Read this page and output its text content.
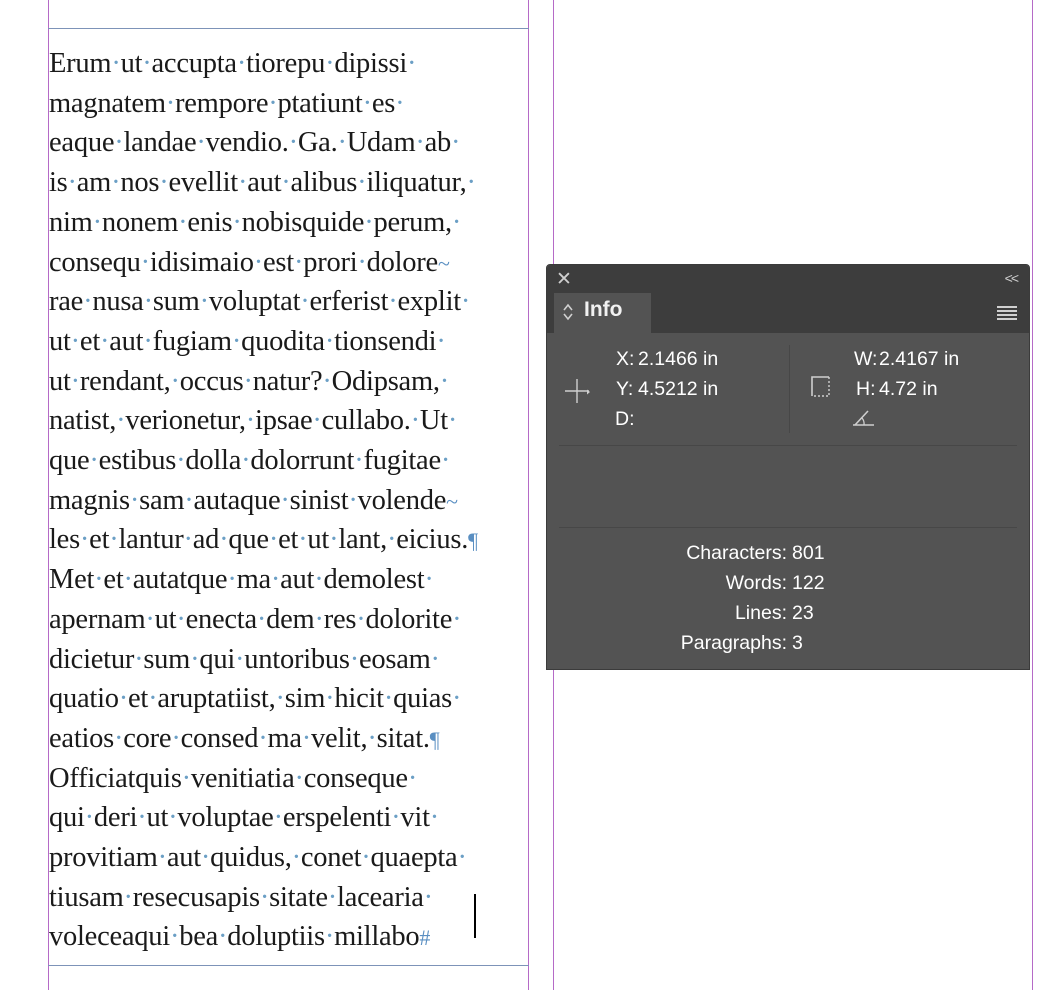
Erum·ut·accupta·tiorepu·dipissi·
magnatem·rempore·ptatiunt·es·
eaque·landae·vendio.·Ga.·Udam·ab·
is·am·nos·evellit·aut·alibus·iliquatur,·
nim·nonem·enis·nobisquide·perum,·
consequ·idisimaio·est·prori·dolore~
rae·nusa·sum·voluptat·erferist·explit·
ut·et·aut·fugiam·quodita·tionsendi·
ut·rendant,·occus·natur?·Odipsam,·
natist,·verionetur,·ipsae·cullabo.·Ut·
que·estibus·dolla·dolorrunt·fugitae·
magnis·sam·autaque·sinist·volende~
les·et·lantur·ad·que·et·ut·lant,·eicius.¶
Met·et·autatque·ma·aut·demolest·
apernam·ut·enecta·dem·res·dolorite·
dicietur·sum·qui·untoribus·eosam·
quatio·et·aruptatiist,·sim·hicit·quias·
eatios·core·consed·ma·velit,·sitat.¶
Officiatquis·venitiatia·conseque·
qui·deri·ut·voluptae·erspelenti·vit·
provitiam·aut·quidus,·conet·quaepta·
tiusam·resecusapis·sitate·lacearia·
voleceaqui·bea·doluptiis·millabo#
✕	<<
Info
X: 2.1466 in
Y: 4.5212 in
D:
W: 2.4167 in
H: 4.72 in
Characters: 801
Words: 122
Lines: 23
Paragraphs: 3
